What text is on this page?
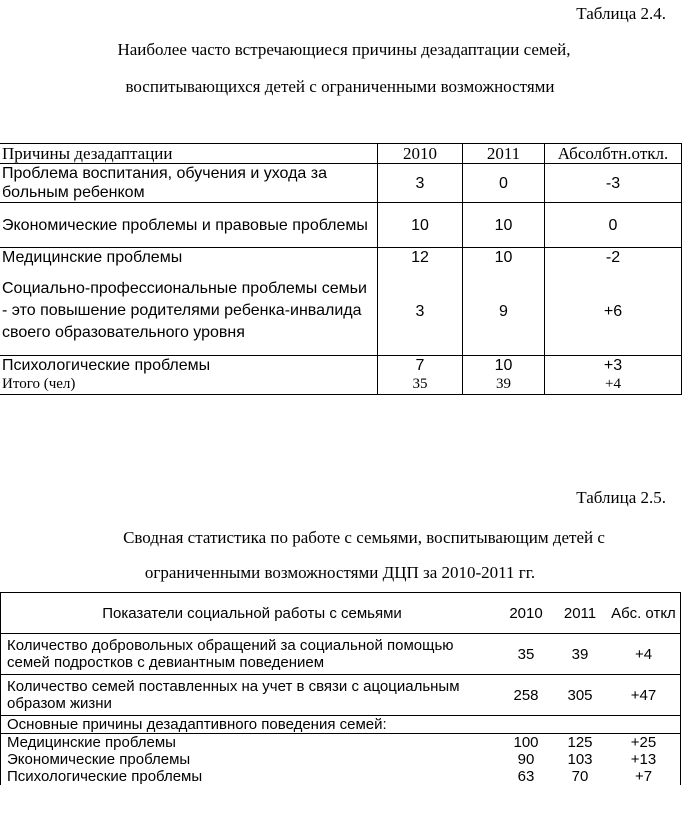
Таблица 2.4.
Наиболее часто встречающиеся причины дезадаптации семей,
воспитывающихся детей с ограниченными возможностями
Причины дезадаптации	2010	2011	Абсолбтн.откл.
Проблема воспитания, обучения и ухода за больным ребенком	3	0	-3
Экономические проблемы и правовые проблемы	10	10	0
Медицинские проблемы	12	10	-2
Социально-профессиональные проблемы семьи - это повышение родителями ребенка-инвалида своего образовательного уровня	3	9	+6
Психологические проблемы	7	10	+3
Итого (чел)	35	39	+4
Таблица 2.5.
Сводная статистика по работе с семьями, воспитывающим детей с
ограниченными возможностями ДЦП за 2010-2011 гг.
Показатели социальной работы с семьями	2010	2011	Абс. откл
Количество добровольных обращений за социальной помощью семей подростков с девиантным поведением	35	39	+4
Количество семей поставленных на учет в связи с ацоциальным образом жизни	258	305	+47
Основные причины дезадаптивного поведения семей:			
Медицинские проблемы	100	125	+25
Экономические проблемы	90	103	+13
Психологические проблемы	63	70	+7
